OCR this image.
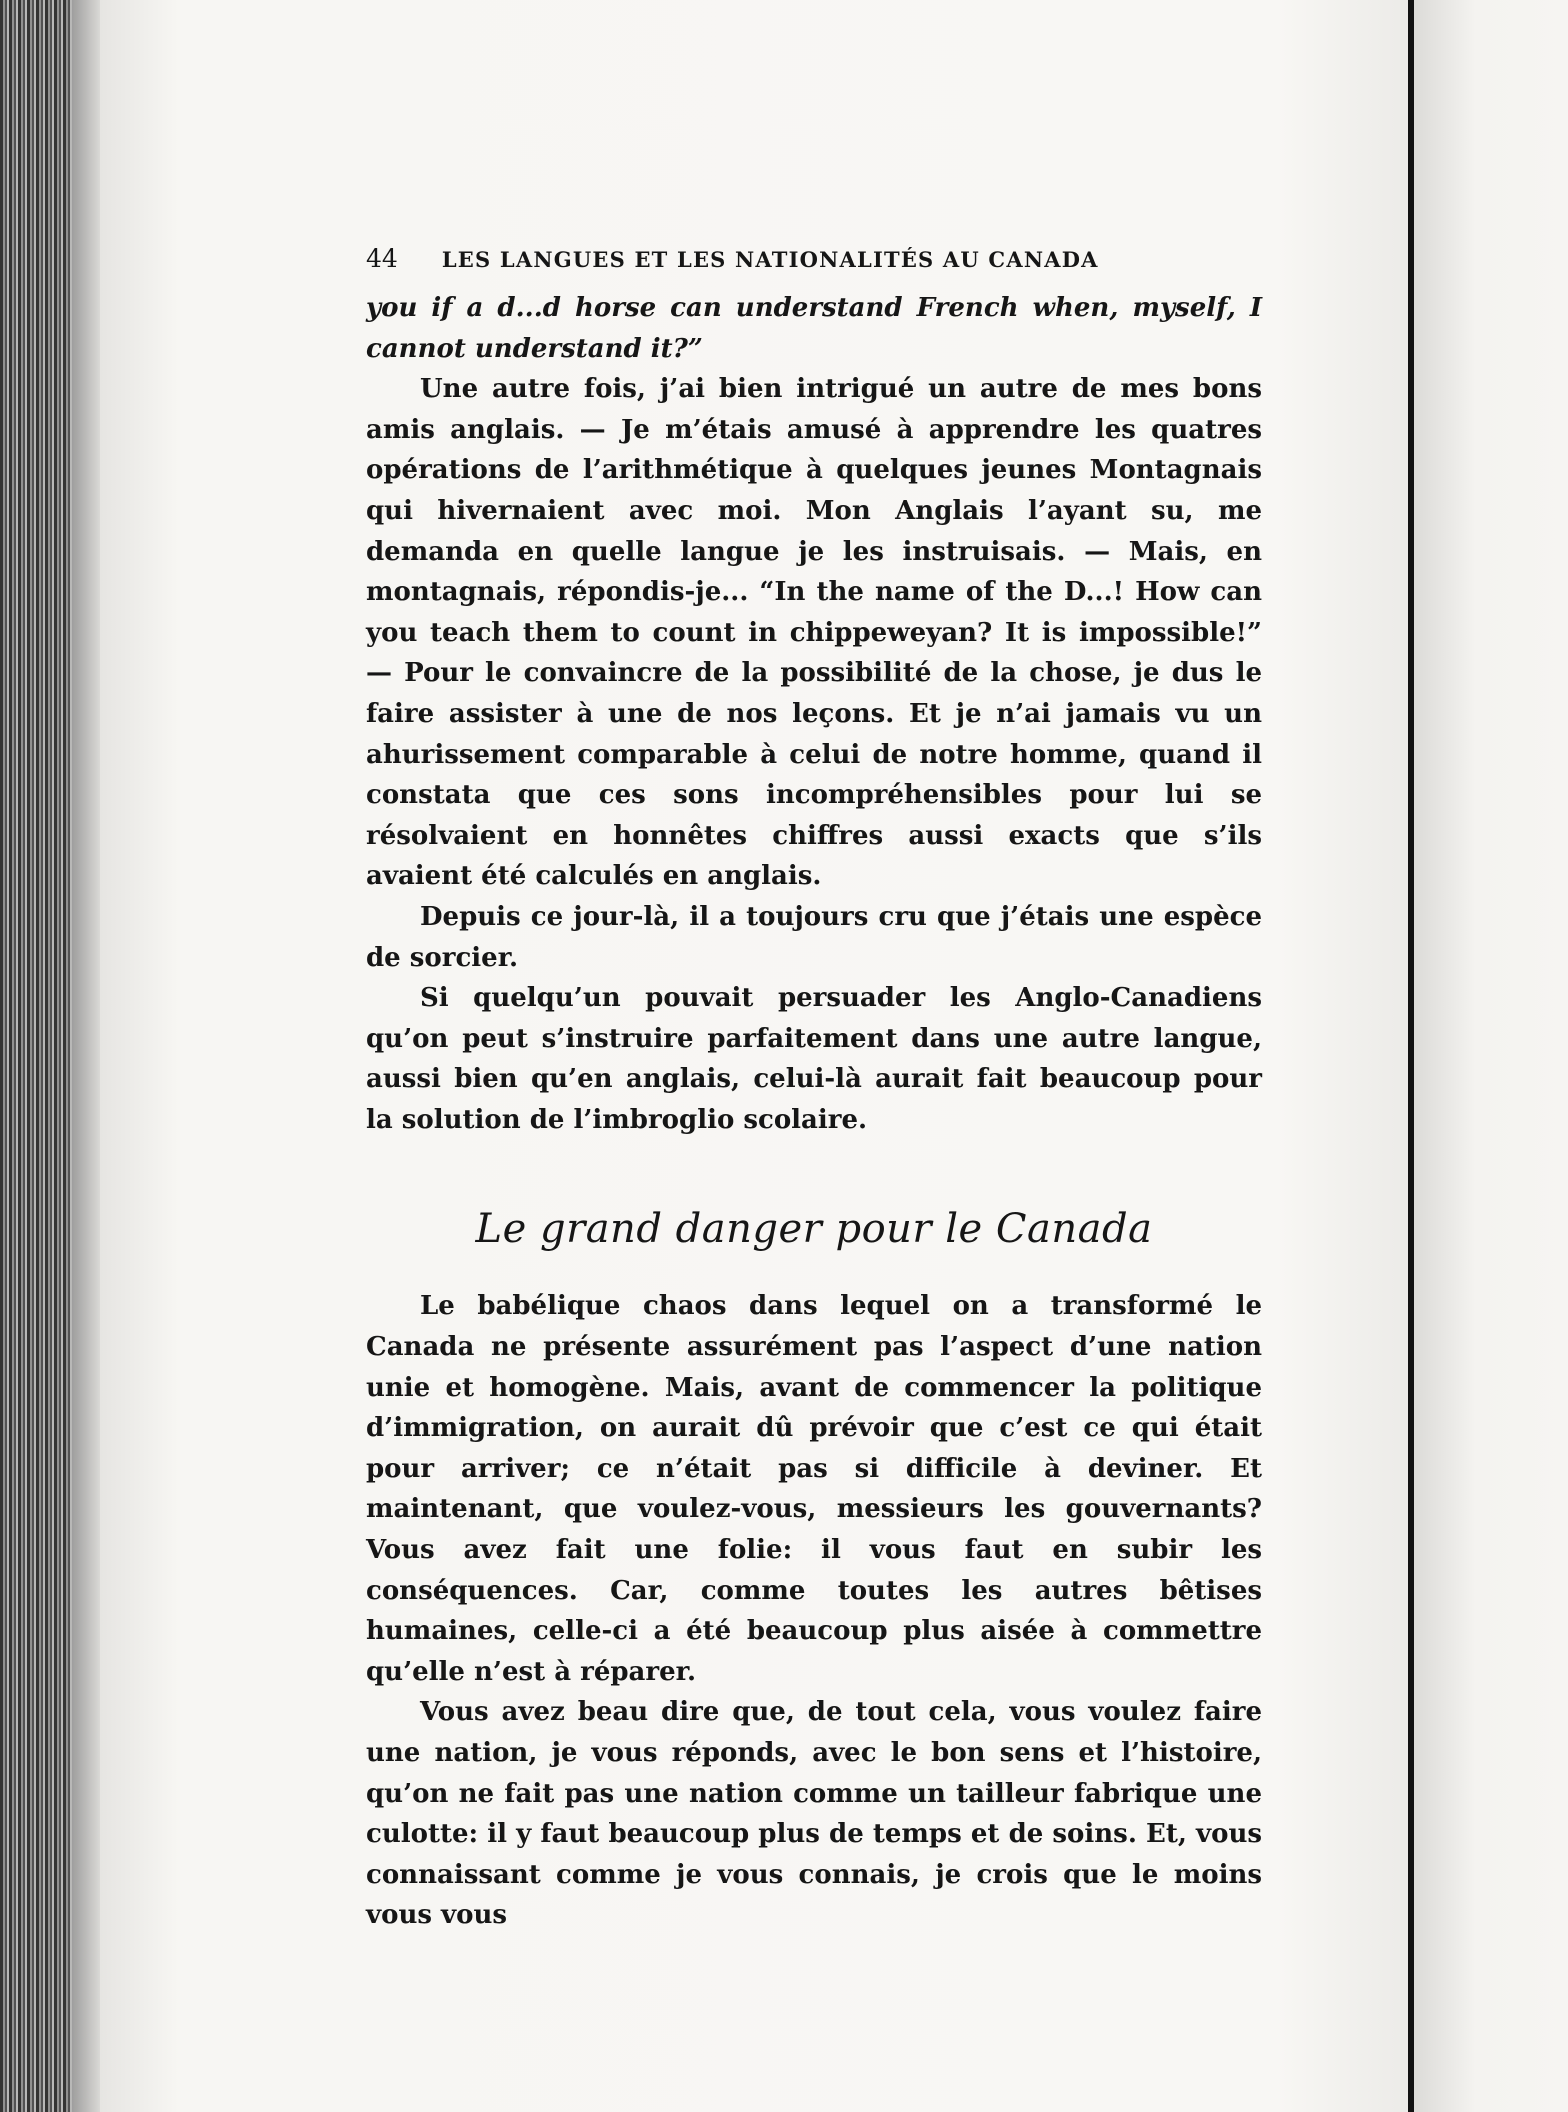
44 LES LANGUES ET LES NATIONALITÉS AU CANADA

you if a d...d horse can understand French when, myself, I cannot understand it?”

Une autre fois, j’ai bien intrigué un autre de mes bons amis anglais. — Je m’étais amusé à apprendre les quatres opérations de l’arithmétique à quelques jeunes Montagnais qui hivernaient avec moi. Mon Anglais l’ayant su, me demanda en quelle langue je les instruisais. — Mais, en montagnais, répondis-je... “In the name of the D...! How can you teach them to count in chippeweyan? It is impossible!” — Pour le convaincre de la possibilité de la chose, je dus le faire assister à une de nos leçons. Et je n’ai jamais vu un ahurissement comparable à celui de notre homme, quand il constata que ces sons incompréhensibles pour lui se résolvaient en honnêtes chiffres aussi exacts que s’ils avaient été calculés en anglais.

Depuis ce jour-là, il a toujours cru que j’étais une espèce de sorcier.

Si quelqu’un pouvait persuader les Anglo-Canadiens qu’on peut s’instruire parfaitement dans une autre langue, aussi bien qu’en anglais, celui-là aurait fait beaucoup pour la solution de l’imbroglio scolaire.

Le grand danger pour le Canada

Le babélique chaos dans lequel on a transformé le Canada ne présente assurément pas l’aspect d’une nation unie et homogène. Mais, avant de commencer la politique d’immigration, on aurait dû prévoir que c’est ce qui était pour arriver; ce n’était pas si difficile à deviner. Et maintenant, que voulez-vous, messieurs les gouvernants? Vous avez fait une folie: il vous faut en subir les conséquences. Car, comme toutes les autres bêtises humaines, celle-ci a été beaucoup plus aisée à commettre qu’elle n’est à réparer.

Vous avez beau dire que, de tout cela, vous voulez faire une nation, je vous réponds, avec le bon sens et l’histoire, qu’on ne fait pas une nation comme un tailleur fabrique une culotte: il y faut beaucoup plus de temps et de soins. Et, vous connaissant comme je vous connais, je crois que le moins vous vous
